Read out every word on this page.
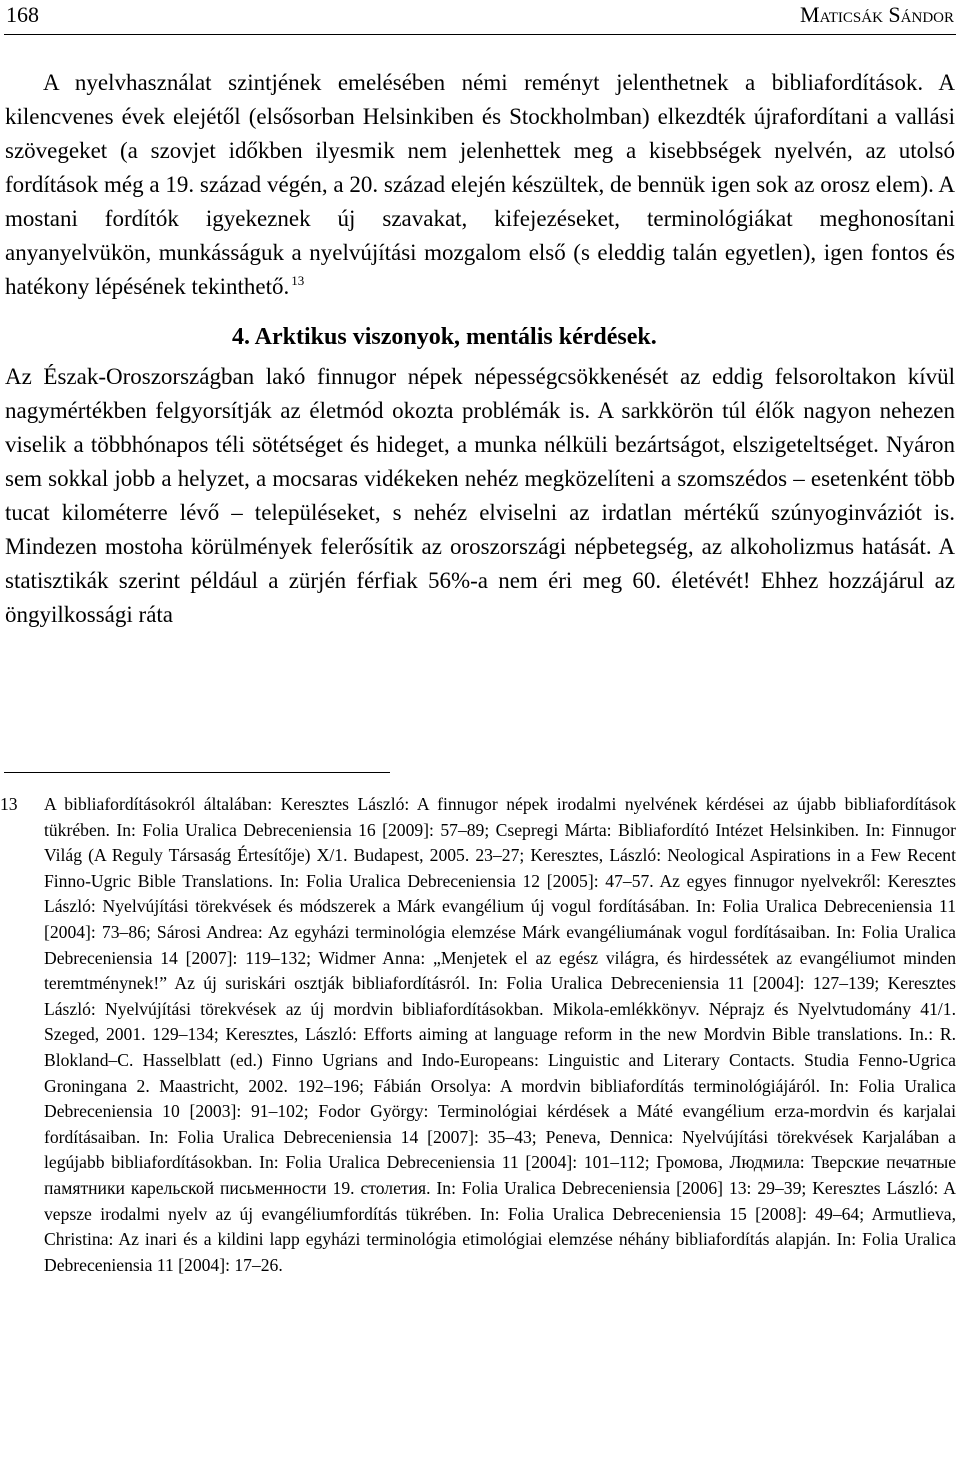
168	Maticsák Sándor

A nyelvhasználat szintjének emelésében némi reményt jelenthetnek a bibliafordítások. A kilencvenes évek elejétől (elsősorban Helsinkiben és Stockholmban) elkezdték újrafordítani a vallási szövegeket (a szovjet időkben ilyesmik nem jelenhettek meg a kisebbségek nyelvén, az utolsó fordítások még a 19. század végén, a 20. század elején készültek, de bennük igen sok az orosz elem). A mostani fordítók igyekeznek új szavakat, kifejezéseket, terminológiákat meghonosítani anyanyelvükön, munkásságuk a nyelvújítási mozgalom első (s eleddig talán egyetlen), igen fontos és hatékony lépésének tekinthető. $^{13}$

4. Arktikus viszonyok, mentális kérdések.

Az Észak-Oroszországban lakó finnugor népek népességcsökkenését az eddig felsoroltakon kívül nagymértékben felgyorsítják az életmód okozta problémák is. A sarkkörön túl élők nagyon nehezen viselik a többhónapos téli sötétséget és hideget, a munka nélküli bezártságot, elszigeteltséget. Nyáron sem sokkal jobb a helyzet, a mocsaras vidékeken nehéz megközelíteni a szomszédos – esetenként több tucat kilométerre lévő – településeket, s nehéz elviselni az irdatlan mértékű szúnyoginváziót is. Mindezen mostoha körülmények felerősítik az oroszországi népbetegség, az alkoholizmus hatását. A statisztikák szerint például a zürjén férfiak 56%-a nem éri meg 60. életévét! Ehhez hozzájárul az öngyilkossági ráta

13	A bibliafordításokról általában: Keresztes László: A finnugor népek irodalmi nyelvének kérdései az újabb bibliafordítások tükrében. In: Folia Uralica Debreceniensia 16 [2009]: 57–89; Csepregi Márta: Bibliafordító Intézet Helsinkiben. In: Finnugor Világ (A Reguly Társaság Értesítője) X/1. Budapest, 2005. 23–27; Keresztes, László: Neological Aspirations in a Few Recent Finno-Ugric Bible Translations. In: Folia Uralica Debreceniensia 12 [2005]: 47–57. Az egyes finnugor nyelvekről: Keresztes László: Nyelvújítási törekvések és módszerek a Márk evangélium új vogul fordításában. In: Folia Uralica Debreceniensia 11 [2004]: 73–86; Sárosi Andrea: Az egyházi terminológia elemzése Márk evangéliumának vogul fordításaiban. In: Folia Uralica Debreceniensia 14 [2007]: 119–132; Widmer Anna: „Menjetek el az egész világra, és hirdessétek az evangéliumot minden teremtménynek!” Az új suriskári osztják bibliafordításról. In: Folia Uralica Debreceniensia 11 [2004]: 127–139; Keresztes László: Nyelvújítási törekvések az új mordvin bibliafordításokban. Mikola-emlékkönyv. Néprajz és Nyelvtudomány 41/1. Szeged, 2001. 129–134; Keresztes, László: Efforts aiming at language reform in the new Mordvin Bible translations. In.: R. Blokland–C. Hasselblatt (ed.) Finno Ugrians and Indo-Europeans: Linguistic and Literary Contacts. Studia Fenno-Ugrica Groningana 2. Maastricht, 2002. 192–196; Fábián Orsolya: A mordvin bibliafordítás terminológiájáról. In: Folia Uralica Debreceniensia 10 [2003]: 91–102; Fodor György: Terminológiai kérdések a Máté evangélium erza-mordvin és karjalai fordításaiban. In: Folia Uralica Debreceniensia 14 [2007]: 35–43; Peneva, Dennica: Nyelvújítási törekvések Karjalában a legújabb bibliafordításokban. In: Folia Uralica Debreceniensia 11 [2004]: 101–112; Громова, Людмила: Тверские печатные памятники карельской письменности 19. столетия. In: Folia Uralica Debreceniensia [2006] 13: 29–39; Keresztes László: A vepsze irodalmi nyelv az új evangéliumfordítás tükrében. In: Folia Uralica Debreceniensia 15 [2008]: 49–64; Armutlieva, Christina: Az inari és a kildini lapp egyházi terminológia etimológiai elemzése néhány bibliafordítás alapján. In: Folia Uralica Debreceniensia 11 [2004]: 17–26.
